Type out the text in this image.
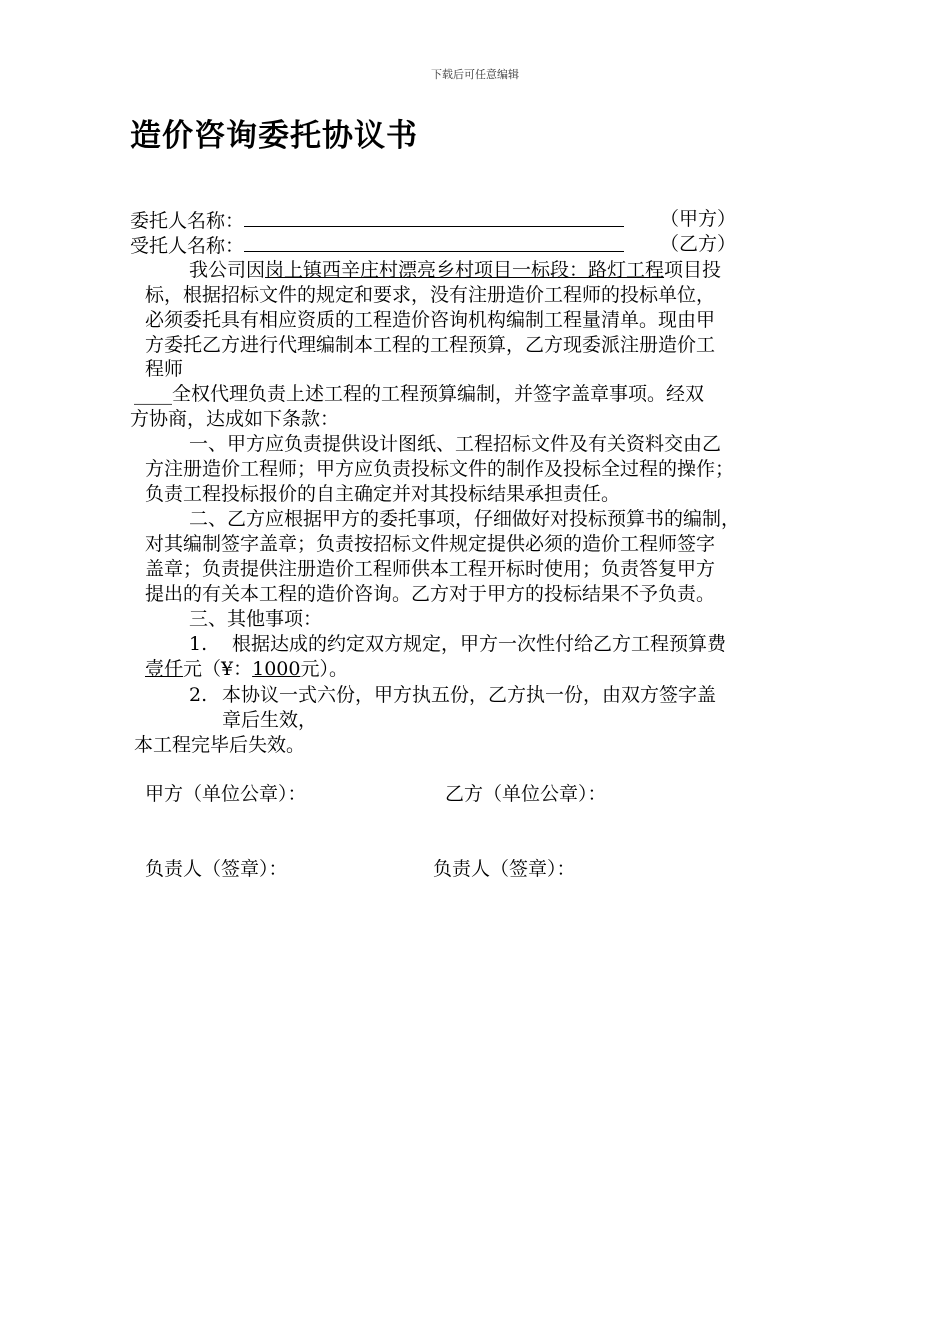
下载后可任意编辑
造价咨询委托协议书
委托人名称：	（甲方）
受托人名称：	（乙方）
我公司因岗上镇西辛庄村漂亮乡村项目一标段：路灯工程项目投
标，根据招标文件的规定和要求，没有注册造价工程师的投标单位，
必须委托具有相应资质的工程造价咨询机构编制工程量清单。现由甲
方委托乙方进行代理编制本工程的工程预算，乙方现委派注册造价工
程师
____全权代理负责上述工程的工程预算编制，并签字盖章事项。经双
方协商，达成如下条款：
一、甲方应负责提供设计图纸、工程招标文件及有关资料交由乙
方注册造价工程师；甲方应负责投标文件的制作及投标全过程的操作；
负责工程投标报价的自主确定并对其投标结果承担责任。
二、乙方应根据甲方的委托事项，仔细做好对投标预算书的编制，
对其编制签字盖章；负责按招标文件规定提供必须的造价工程师签字
盖章；负责提供注册造价工程师供本工程开标时使用；负责答复甲方
提出的有关本工程的造价咨询。乙方对于甲方的投标结果不予负责。
三、其他事项：
1. 根据达成的约定双方规定，甲方一次性付给乙方工程预算费
壹仟元（¥：1000元）。
2. 本协议一式六份，甲方执五份，乙方执一份，由双方签字盖
章后生效，
本工程完毕后失效。
甲方（单位公章）：	乙方（单位公章）：
负责人（签章）：	负责人（签章）：
